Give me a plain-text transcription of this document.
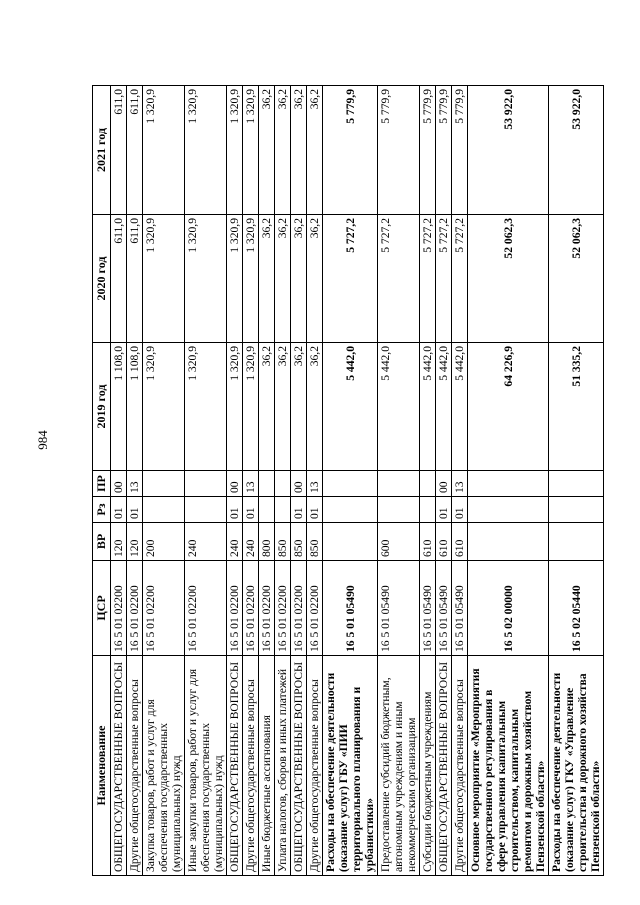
984
Наименование	ЦСР	ВР	Рз	ПР	2019 год	2020 год	2021 год
ОБЩЕГОСУДАРСТВЕННЫЕ ВОПРОСЫ	16 5 01 02200	120	01	00	1 108,0	611,0	611,0
Другие общегосударственные вопросы	16 5 01 02200	120	01	13	1 108,0	611,0	611,0
Закупка товаров, работ и услуг для обеспечения государственных (муниципальных) нужд	16 5 01 02200	200			1 320,9	1 320,9	1 320,9
Иные закупки товаров, работ и услуг для обеспечения государственных (муниципальных) нужд	16 5 01 02200	240			1 320,9	1 320,9	1 320,9
ОБЩЕГОСУДАРСТВЕННЫЕ ВОПРОСЫ	16 5 01 02200	240	01	00	1 320,9	1 320,9	1 320,9
Другие общегосударственные вопросы	16 5 01 02200	240	01	13	1 320,9	1 320,9	1 320,9
Иные бюджетные ассигнования	16 5 01 02200	800			36,2	36,2	36,2
Уплата налогов, сборов и иных платежей	16 5 01 02200	850			36,2	36,2	36,2
ОБЩЕГОСУДАРСТВЕННЫЕ ВОПРОСЫ	16 5 01 02200	850	01	00	36,2	36,2	36,2
Другие общегосударственные вопросы	16 5 01 02200	850	01	13	36,2	36,2	36,2
Расходы на обеспечение деятельности (оказание услуг) ГБУ «ПИИ территориального планирования и урбанистики»	16 5 01 05490				5 442,0	5 727,2	5 779,9
Предоставление субсидий бюджетным, автономным учреждениям и иным некоммерческим организациям	16 5 01 05490	600			5 442,0	5 727,2	5 779,9
Субсидии бюджетным учреждениям	16 5 01 05490	610			5 442,0	5 727,2	5 779,9
ОБЩЕГОСУДАРСТВЕННЫЕ ВОПРОСЫ	16 5 01 05490	610	01	00	5 442,0	5 727,2	5 779,9
Другие общегосударственные вопросы	16 5 01 05490	610	01	13	5 442,0	5 727,2	5 779,9
Основное мероприятие «Мероприятия государственного регулирования в сфере управления капитальным строительством, капитальным ремонтом и дорожным хозяйством Пензенской области»	16 5 02 00000				64 226,9	52 062,3	53 922,0
Расходы на обеспечение деятельности (оказание услуг) ГКУ «Управление строительства и дорожного хозяйства Пензенской области»	16 5 02 05440				51 335,2	52 062,3	53 922,0
